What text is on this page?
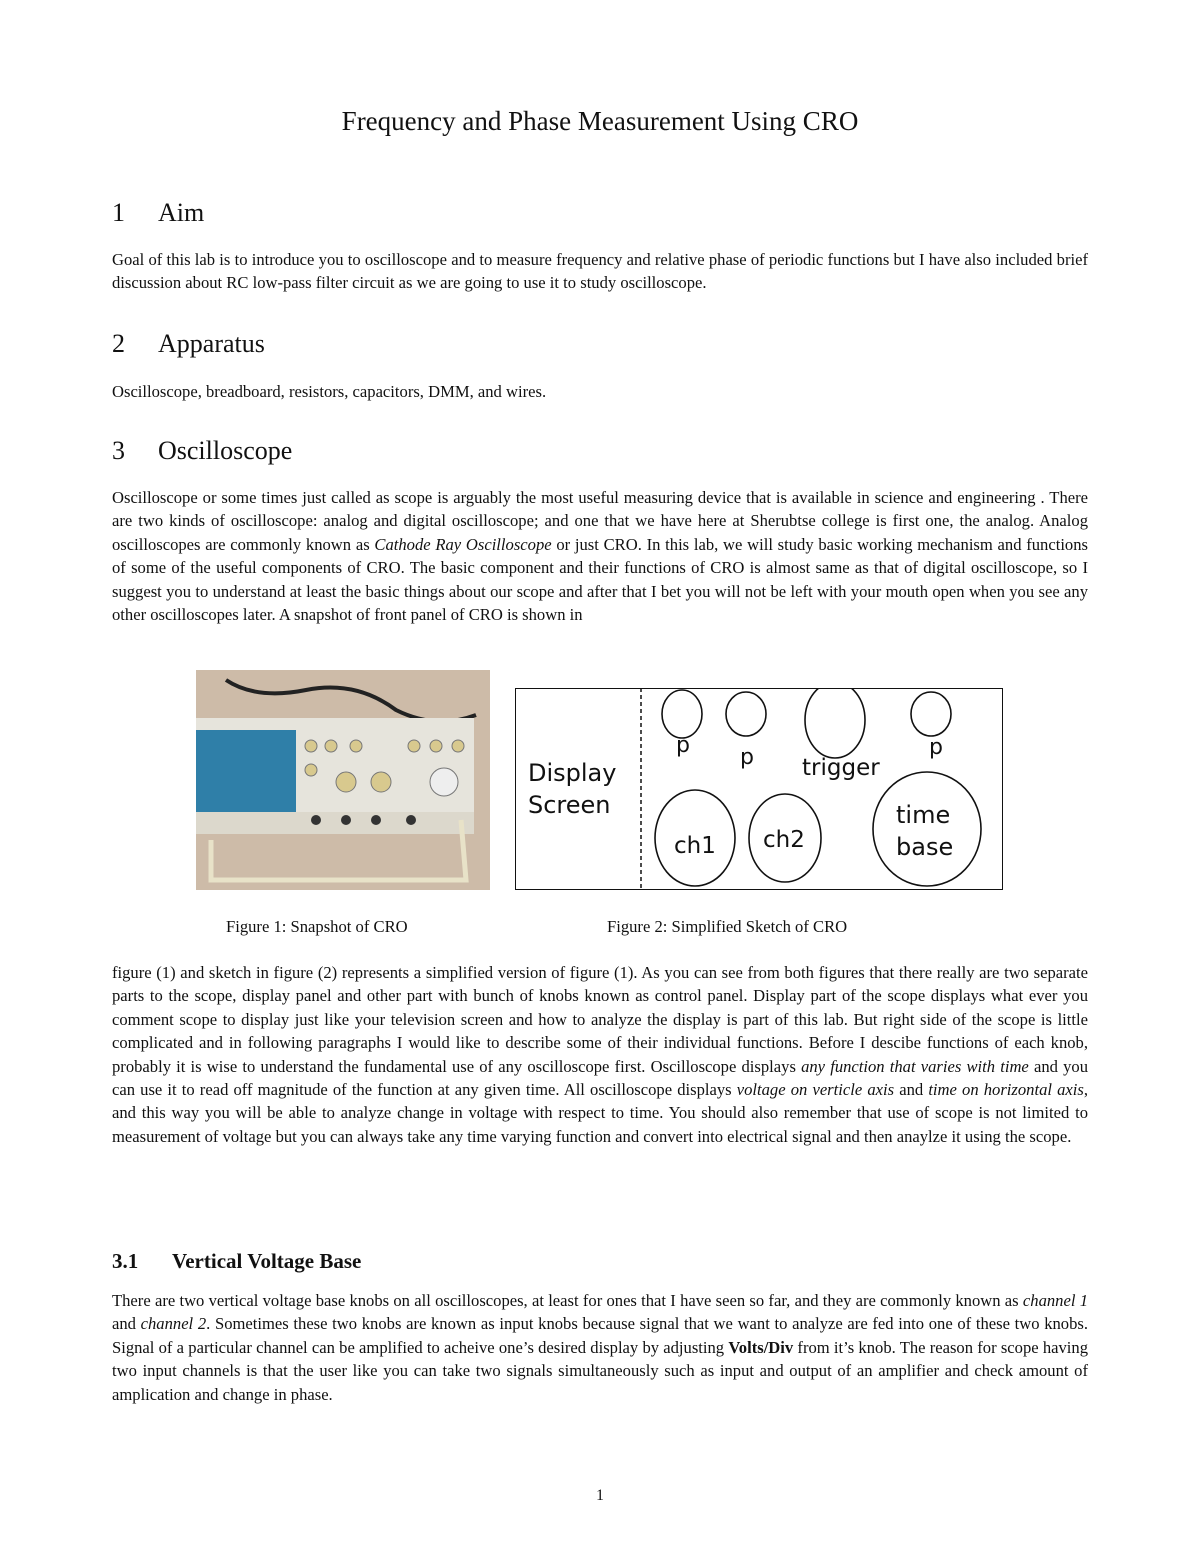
Frequency and Phase Measurement Using CRO
1 Aim
Goal of this lab is to introduce you to oscilloscope and to measure frequency and relative phase of periodic functions but I have also included brief discussion about RC low-pass filter circuit as we are going to use it to study oscilloscope.
2 Apparatus
Oscilloscope, breadboard, resistors, capacitors, DMM, and wires.
3 Oscilloscope
Oscilloscope or some times just called as scope is arguably the most useful measuring device that is available in science and engineering . There are two kinds of oscilloscope: analog and digital oscilloscope; and one that we have here at Sherubtse college is first one, the analog. Analog oscilloscopes are commonly known as Cathode Ray Oscilloscope or just CRO. In this lab, we will study basic working mechanism and functions of some of the useful components of CRO. The basic component and their functions of CRO is almost same as that of digital oscilloscope, so I suggest you to understand at least the basic things about our scope and after that I bet you will not be left with your mouth open when you see any other oscilloscopes later. A snapshot of front panel of CRO is shown in
Display
Screen
p p trigger
p
ch1 ch2
time
base
Figure 1: Snapshot of CRO	Figure 2: Simplified Sketch of CRO
figure (1) and sketch in figure (2) represents a simplified version of figure (1). As you can see from both figures that there really are two separate parts to the scope, display panel and other part with bunch of knobs known as control panel. Display part of the scope displays what ever you comment scope to display just like your television screen and how to analyze the display is part of this lab. But right side of the scope is little complicated and in following paragraphs I would like to describe some of their individual functions. Before I descibe functions of each knob, probably it is wise to understand the fundamental use of any oscilloscope first. Oscilloscope displays any function that varies with time and you can use it to read off magnitude of the function at any given time. All oscilloscope displays voltage on verticle axis and time on horizontal axis, and this way you will be able to analyze change in voltage with respect to time. You should also remember that use of scope is not limited to measurement of voltage but you can always take any time varying function and convert into electrical signal and then anaylze it using the scope.
3.1 Vertical Voltage Base
There are two vertical voltage base knobs on all oscilloscopes, at least for ones that I have seen so far, and they are commonly known as channel 1 and channel 2. Sometimes these two knobs are known as input knobs because signal that we want to analyze are fed into one of these two knobs. Signal of a particular channel can be amplified to acheive one’s desired display by adjusting Volts/Div from it’s knob. The reason for scope having two input channels is that the user like you can take two signals simultaneously such as input and output of an amplifier and check amount of amplication and change in phase.
1
